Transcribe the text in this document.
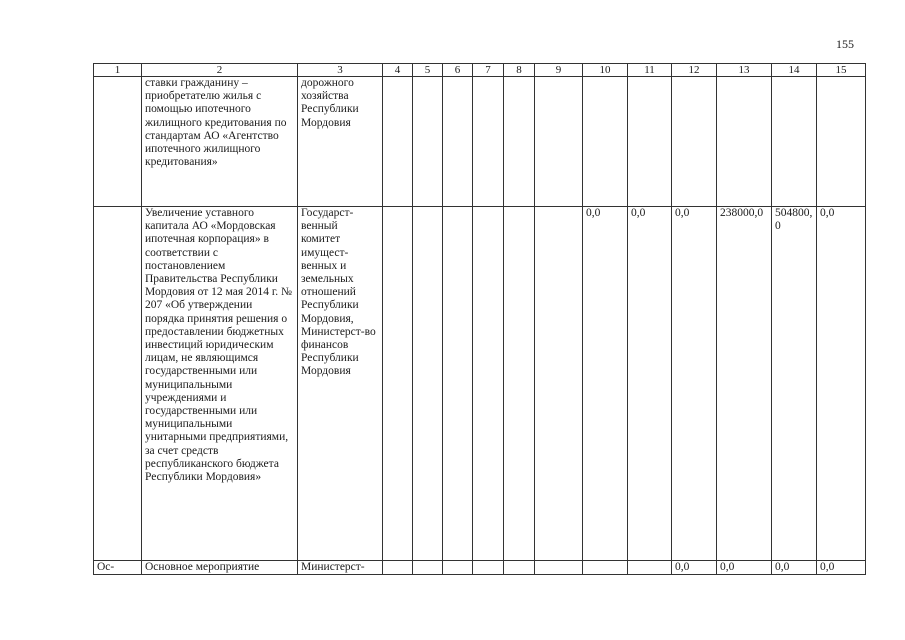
155
1	2	3	4	5	6	7	8	9	10	11	12	13	14	15
	ставки гражданину – приобретателю жилья с помощью ипотечного жилищного кредитования по стандартам АО «Агентство ипотечного жилищного кредитования»	дорожного хозяйства Республики Мордовия												
	Увеличение уставного капитала АО «Мордовская ипотечная корпорация» в соответствии с постановлением Правительства Республики Мордовия от 12 мая 2014 г. № 207 «Об утверждении порядка принятия решения о предоставлении бюджетных инвестиций юридическим лицам, не являющимся государственными или муниципальными учреждениями и государственными или муниципальными унитарными предприятиями, за счет средств республиканского бюджета Республики Мордовия»	Государст-венный комитет имущест-венных и земельных отношений Республики Мордовия, Министерст-во финансов Республики Мордовия							0,0	0,0	0,0	238000,0	504800,0	0,0
Ос-	Основное мероприятие	Министерст-									0,0	0,0	0,0	0,0
